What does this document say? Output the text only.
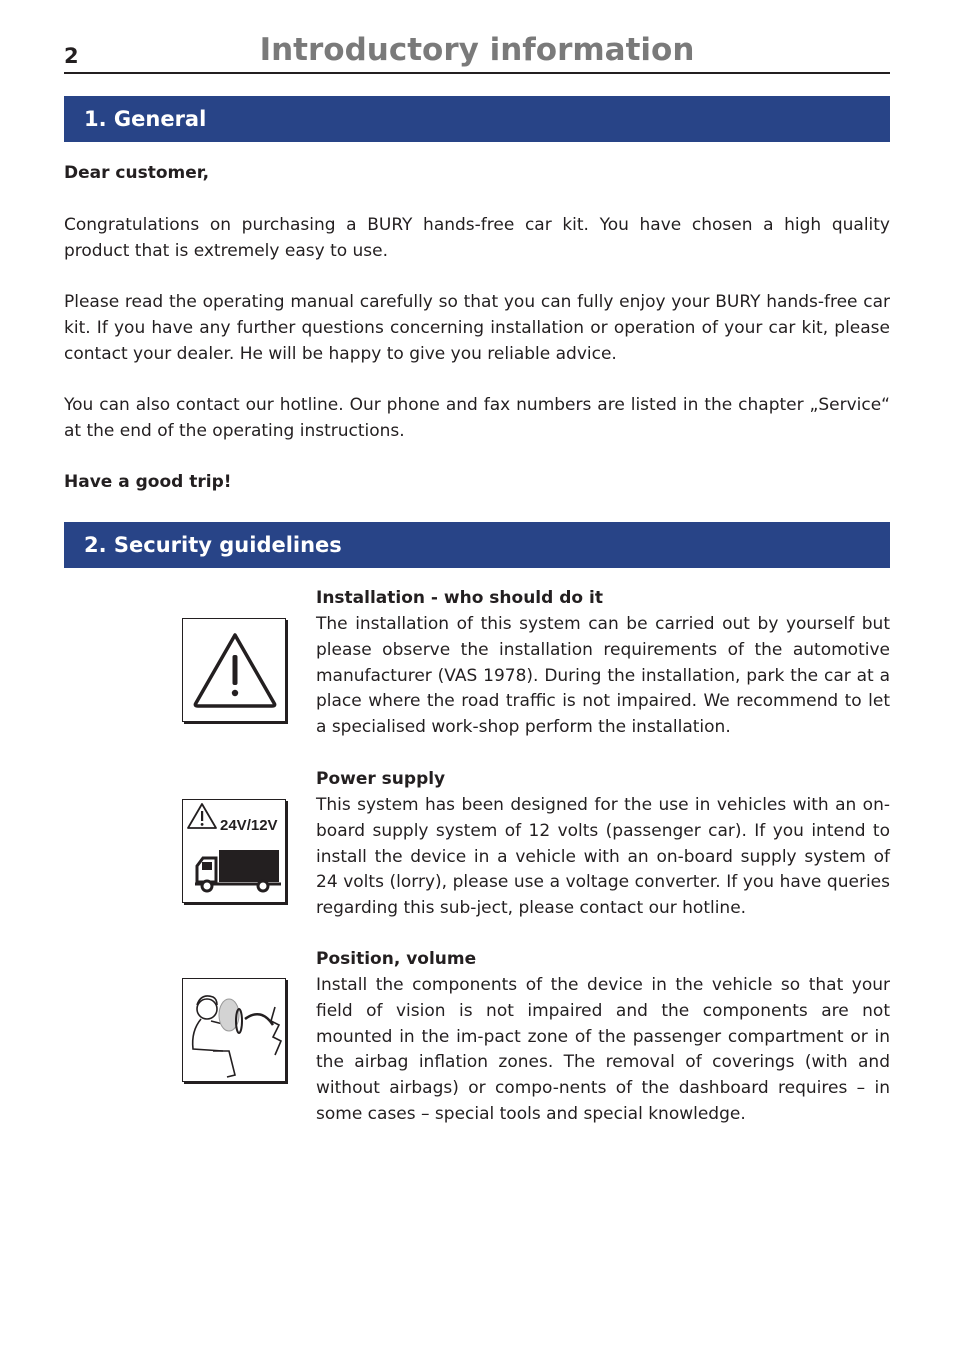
2	Introductory information
1. General

Dear customer,

Congratulations on purchasing a BURY hands-free car kit. You have chosen a high quality product that is extremely easy to use.

Please read the operating manual carefully so that you can fully enjoy your BURY hands-free car kit. If you have any further questions concerning installation or operation of your car kit, please contact your dealer. He will be happy to give you reliable advice.

You can also contact our hotline. Our phone and fax numbers are listed in the chapter „Service“ at the end of the operating instructions.

Have a good trip!

2. Security guidelines

Installation - who should do it

The installation of this system can be carried out by yourself but please observe the installation requirements of the automotive manufacturer (VAS 1978). During the installation, park the car at a place where the road traffic is not impaired. We recommend to let a specialised work-shop perform the installation.

24V/12V

Power supply

This system has been designed for the use in vehicles with an on-board supply system of 12 volts (passenger car). If you intend to install the device in a vehicle with an on-board supply system of 24 volts (lorry), please use a voltage converter. If you have queries regarding this sub-ject, please contact our hotline.

Position, volume

Install the components of the device in the vehicle so that your field of vision is not impaired and the components are not mounted in the im-pact zone of the passenger compartment or in the airbag inflation zones. The removal of coverings (with and without airbags) or compo-nents of the dashboard requires – in some cases – special tools and special knowledge.
